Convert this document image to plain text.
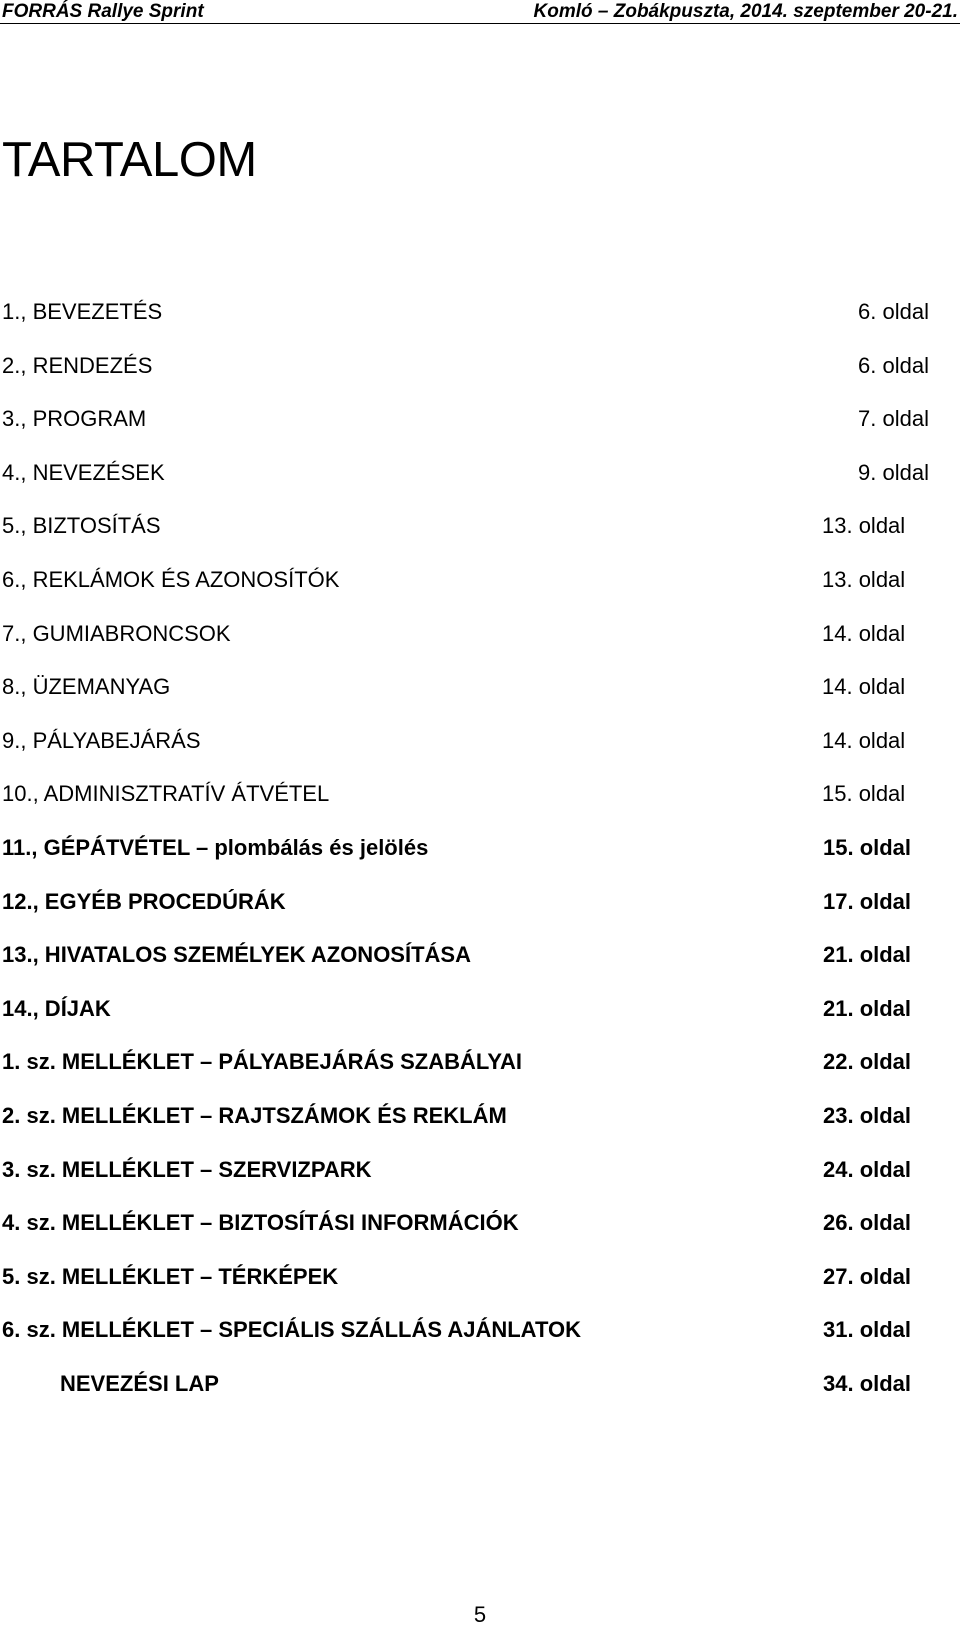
FORRÁS Rallye Sprint	Komló – Zobákpuszta, 2014. szeptember 20-21.
TARTALOM
1., BEVEZETÉS	6. oldal
2., RENDEZÉS	6. oldal
3., PROGRAM	7. oldal
4., NEVEZÉSEK	9. oldal
5., BIZTOSÍTÁS	13. oldal
6., REKLÁMOK ÉS AZONOSÍTÓK	13. oldal
7., GUMIABRONCSOK	14. oldal
8., ÜZEMANYAG	14. oldal
9., PÁLYABEJÁRÁS	14. oldal
10., ADMINISZTRATÍV ÁTVÉTEL	15. oldal
11., GÉPÁTVÉTEL – plombálás és jelölés	15. oldal
12., EGYÉB PROCEDÚRÁK	17. oldal
13., HIVATALOS SZEMÉLYEK AZONOSÍTÁSA	21. oldal
14., DÍJAK	21. oldal
1. sz. MELLÉKLET – PÁLYABEJÁRÁS SZABÁLYAI	22. oldal
2. sz. MELLÉKLET – RAJTSZÁMOK ÉS REKLÁM	23. oldal
3. sz. MELLÉKLET – SZERVIZPARK	24. oldal
4. sz. MELLÉKLET – BIZTOSÍTÁSI INFORMÁCIÓK	26. oldal
5. sz. MELLÉKLET – TÉRKÉPEK	27. oldal
6. sz. MELLÉKLET – SPECIÁLIS SZÁLLÁS AJÁNLATOK	31. oldal
NEVEZÉSI LAP	34. oldal
5
